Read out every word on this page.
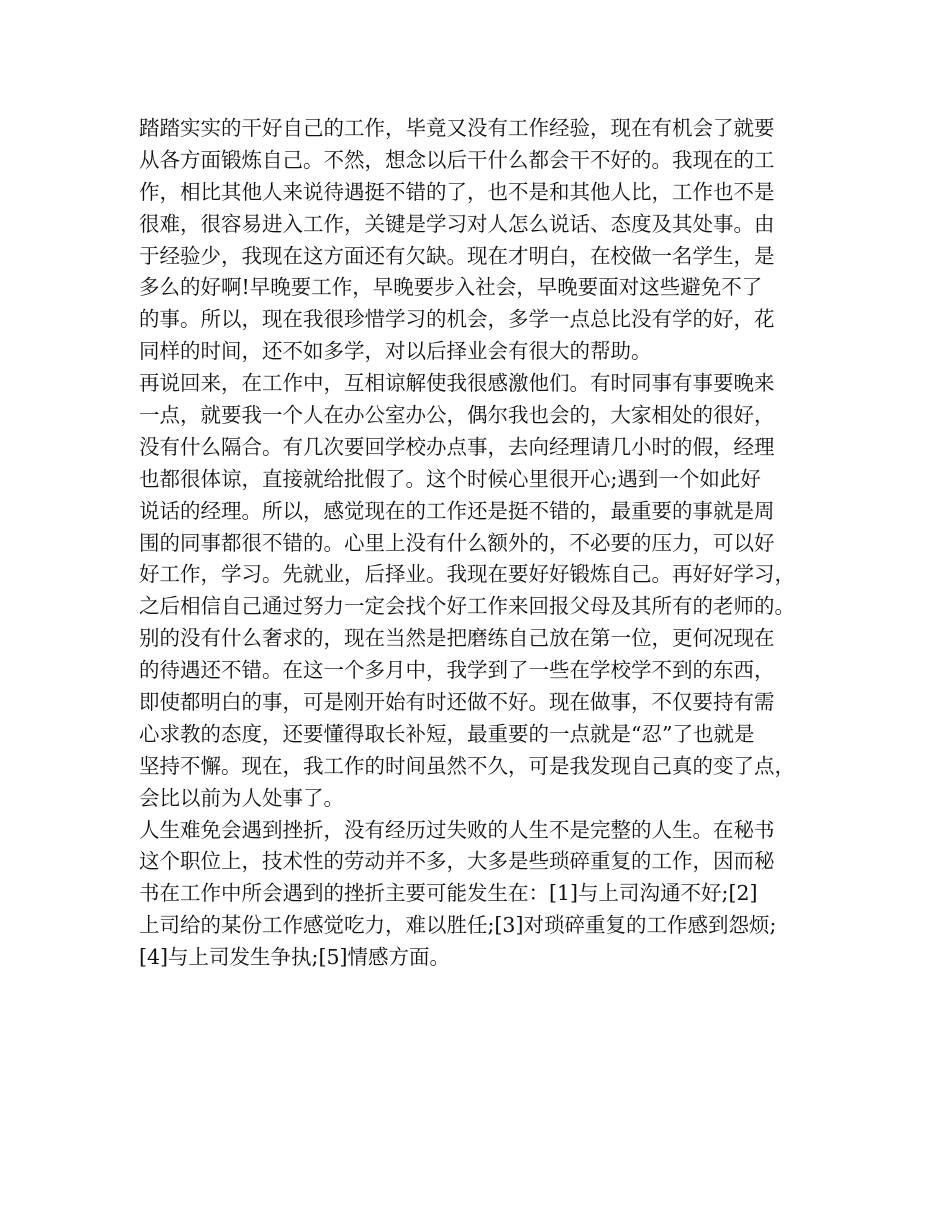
踏踏实实的干好自己的工作，毕竟又没有工作经验，现在有机会了就要
从各方面锻炼自己。不然，想念以后干什么都会干不好的。我现在的工
作，相比其他人来说待遇挺不错的了，也不是和其他人比，工作也不是
很难，很容易进入工作，关键是学习对人怎么说话、态度及其处事。由
于经验少，我现在这方面还有欠缺。现在才明白，在校做一名学生，是
多么的好啊!早晚要工作，早晚要步入社会，早晚要面对这些避免不了
的事。所以，现在我很珍惜学习的机会，多学一点总比没有学的好，花
同样的时间，还不如多学，对以后择业会有很大的帮助。
再说回来，在工作中，互相谅解使我很感激他们。有时同事有事要晚来
一点，就要我一个人在办公室办公，偶尔我也会的，大家相处的很好，
没有什么隔合。有几次要回学校办点事，去向经理请几小时的假，经理
也都很体谅，直接就给批假了。这个时候心里很开心;遇到一个如此好
说话的经理。所以，感觉现在的工作还是挺不错的，最重要的事就是周
围的同事都很不错的。心里上没有什么额外的，不必要的压力，可以好
好工作，学习。先就业，后择业。我现在要好好锻炼自己。再好好学习，
之后相信自己通过努力一定会找个好工作来回报父母及其所有的老师的。
别的没有什么奢求的，现在当然是把磨练自己放在第一位，更何况现在
的待遇还不错。在这一个多月中，我学到了一些在学校学不到的东西，
即使都明白的事，可是刚开始有时还做不好。现在做事，不仅要持有需
心求教的态度，还要懂得取长补短，最重要的一点就是“忍”了也就是
坚持不懈。现在，我工作的时间虽然不久，可是我发现自己真的变了点，
会比以前为人处事了。
人生难免会遇到挫折，没有经历过失败的人生不是完整的人生。在秘书
这个职位上，技术性的劳动并不多，大多是些琐碎重复的工作，因而秘
书在工作中所会遇到的挫折主要可能发生在：[1]与上司沟通不好;[2]
上司给的某份工作感觉吃力，难以胜任;[3]对琐碎重复的工作感到怨烦;
[4]与上司发生争执;[5]情感方面。
